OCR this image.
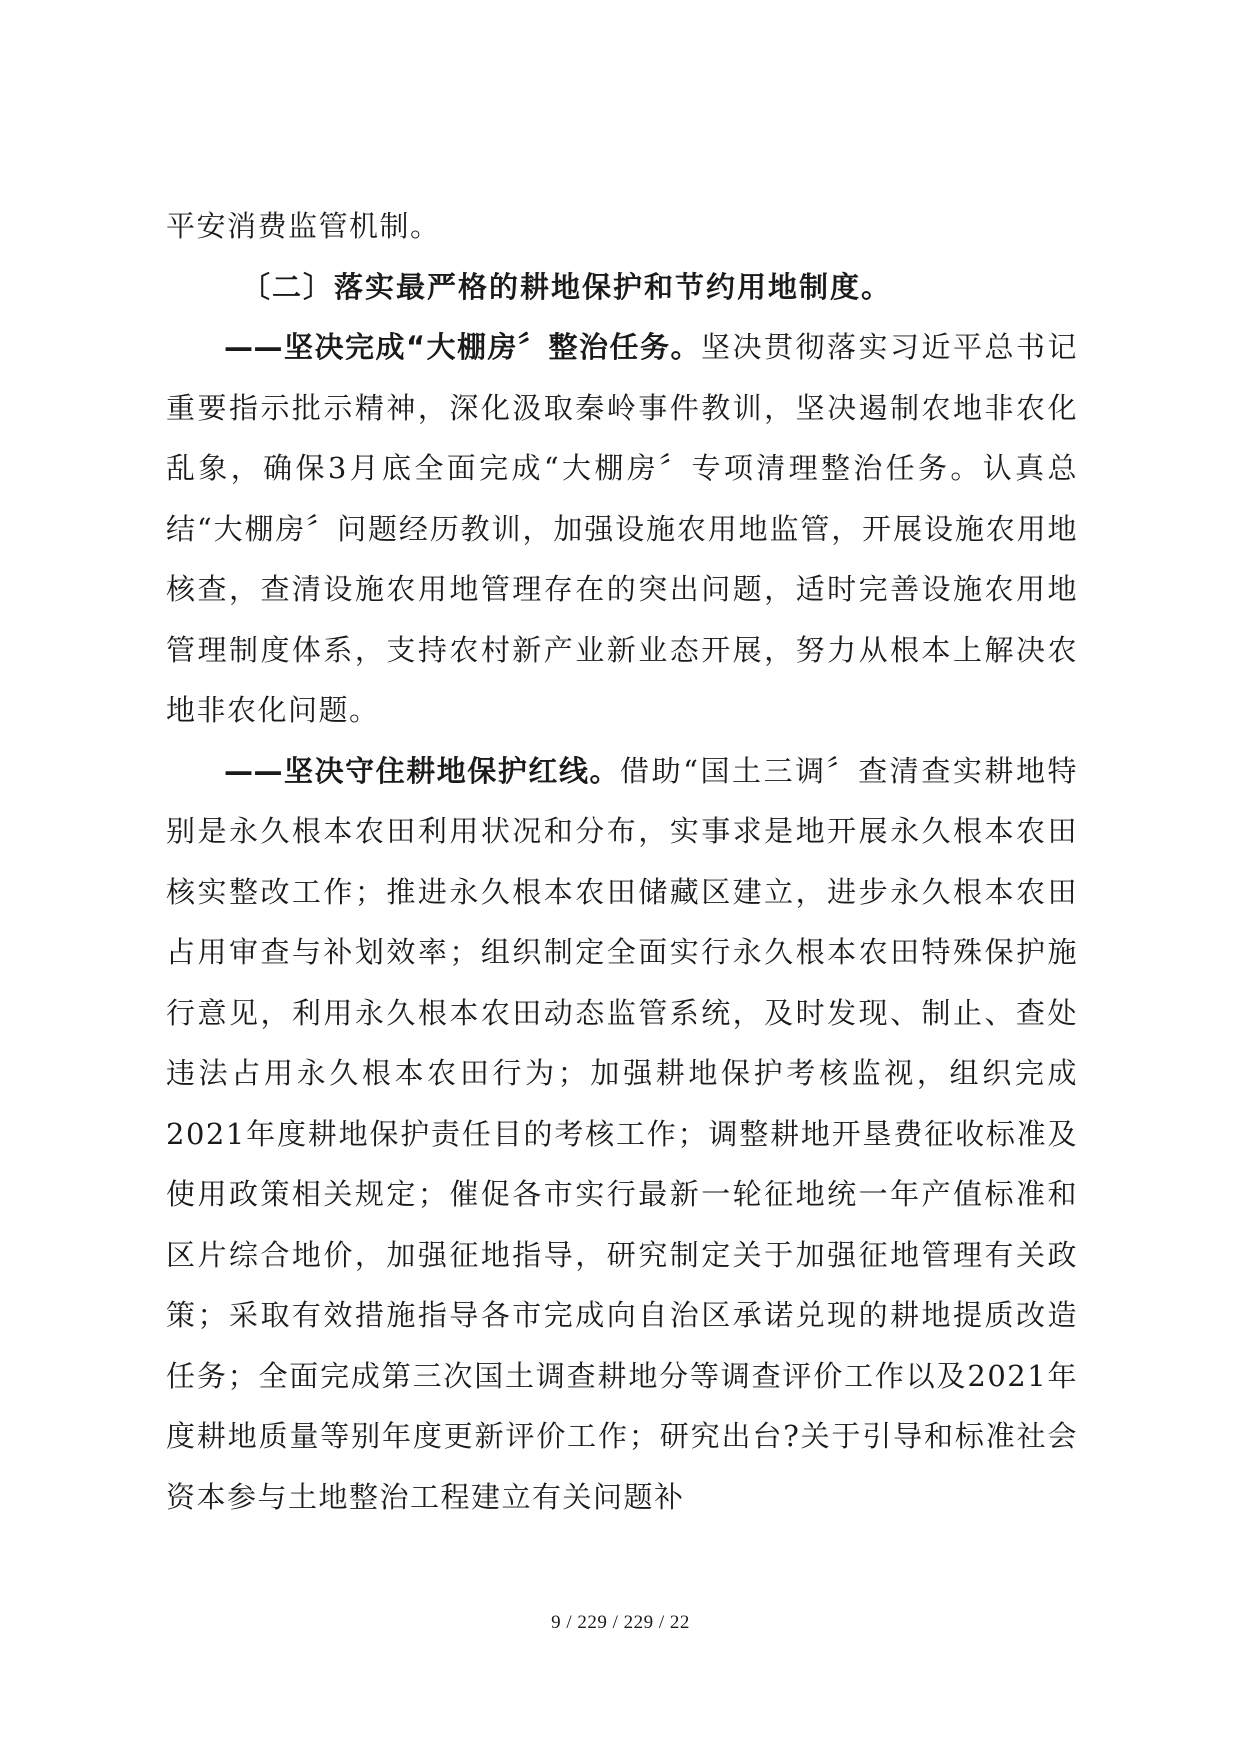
平安消费监管机制。

〔二〕落实最严格的耕地保护和节约用地制度。

——坚决完成“大棚房〞整治任务。坚决贯彻落实习近平总书记重要指示批示精神，深化汲取秦岭事件教训，坚决遏制农地非农化乱象，确保3月底全面完成“大棚房〞专项清理整治任务。认真总结“大棚房〞问题经历教训，加强设施农用地监管，开展设施农用地核查，查清设施农用地管理存在的突出问题，适时完善设施农用地管理制度体系，支持农村新产业新业态开展，努力从根本上解决农地非农化问题。

——坚决守住耕地保护红线。借助“国土三调〞查清查实耕地特别是永久根本农田利用状况和分布，实事求是地开展永久根本农田核实整改工作；推进永久根本农田储藏区建立，进步永久根本农田占用审查与补划效率；组织制定全面实行永久根本农田特殊保护施行意见，利用永久根本农田动态监管系统，及时发现、制止、查处违法占用永久根本农田行为；加强耕地保护考核监视，组织完成2021年度耕地保护责任目的考核工作；调整耕地开垦费征收标准及使用政策相关规定；催促各市实行最新一轮征地统一年产值标准和区片综合地价，加强征地指导，研究制定关于加强征地管理有关政策；采取有效措施指导各市完成向自治区承诺兑现的耕地提质改造任务；全面完成第三次国土调查耕地分等调查评价工作以及2021年度耕地质量等别年度更新评价工作；研究出台?关于引导和标准社会资本参与土地整治工程建立有关问题补

9 / 229 / 229 / 22
